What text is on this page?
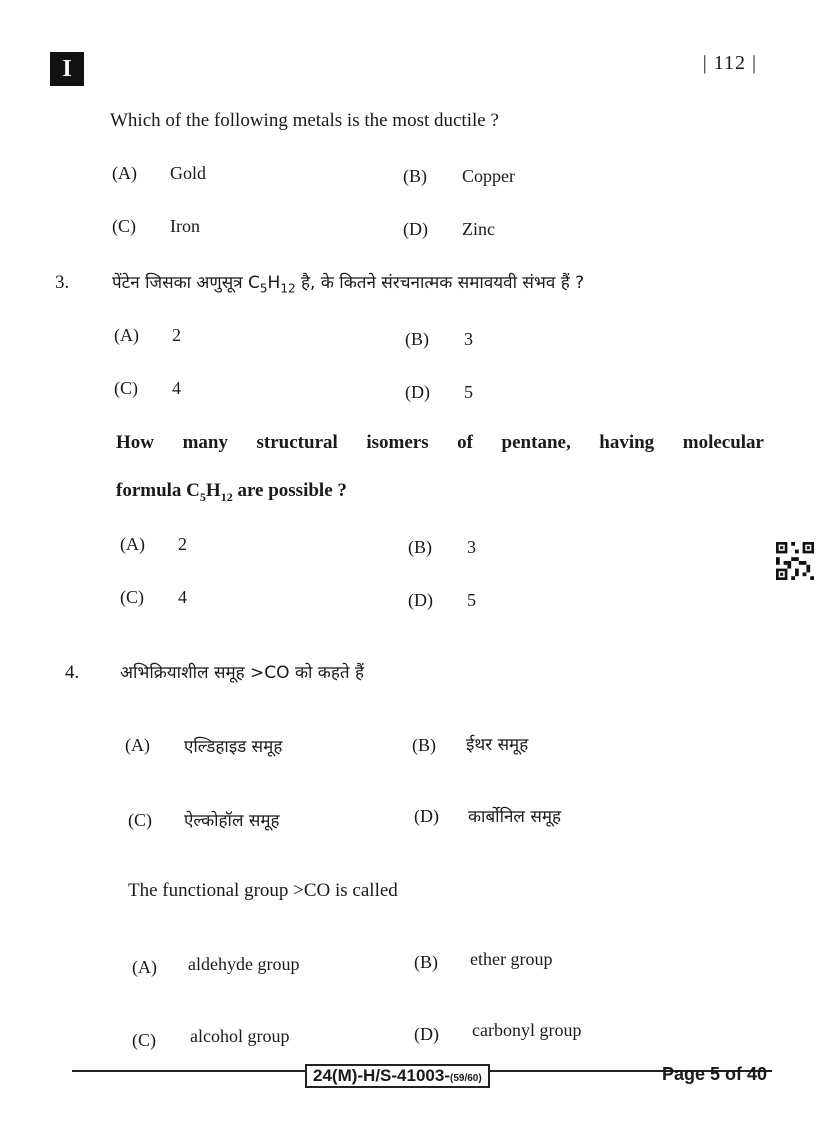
I	| 112 |
Which of the following metals is the most ductile ?
(A) Gold	(B) Copper
(C) Iron	(D) Zinc
3.	पेंटेन जिसका अणुसूत्र $C_5H_{12}$ है, के कितने संरचनात्मक समावयवी संभव हैं ?
(A) 2	(B) 3
(C) 4	(D) 5
How many structural isomers of pentane, having molecular
formula $C_5H_{12}$ are possible ?
(A) 2	(B) 3
(C) 4	(D) 5
4. अभिक्रियाशील समूह >CO को कहते हैं
(A) एल्डिहाइड समूह	(B) ईथर समूह
(C) ऐल्कोहॉल समूह	(D) कार्बोनिल समूह
The functional group >CO is called
(A) aldehyde group	(B) ether group
(C) alcohol group	(D) carbonyl group
24(M)-H/S-41003-(59/60)	Page 5 of 40
